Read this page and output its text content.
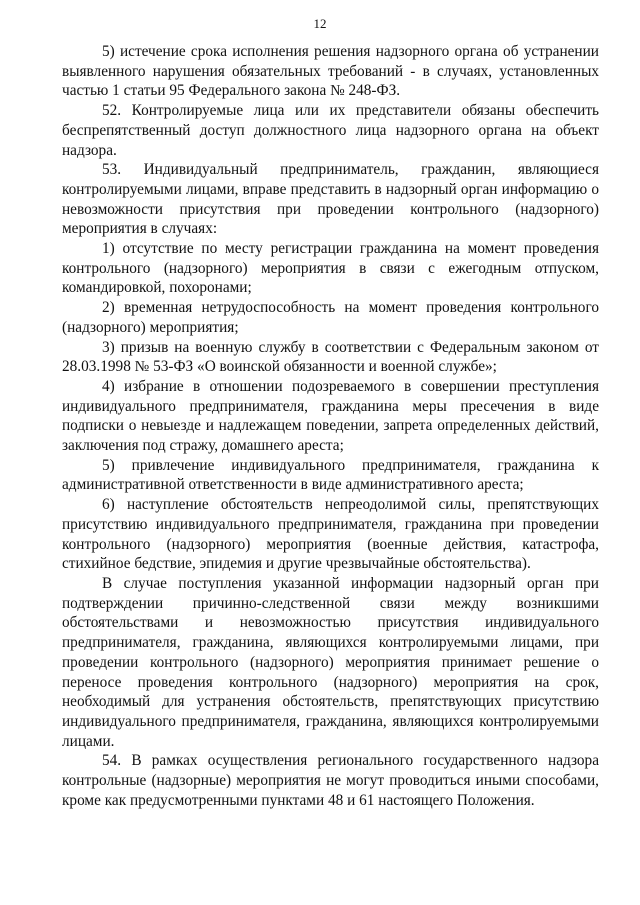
12

5) истечение срока исполнения решения надзорного органа об устранении выявленного нарушения обязательных требований - в случаях, установленных частью 1 статьи 95 Федерального закона № 248-ФЗ.

52. Контролируемые лица или их представители обязаны обеспечить беспрепятственный доступ должностного лица надзорного органа на объект надзора.

53. Индивидуальный предприниматель, гражданин, являющиеся контролируемыми лицами, вправе представить в надзорный орган информацию о невозможности присутствия при проведении контрольного (надзорного) мероприятия в случаях:

1) отсутствие по месту регистрации гражданина на момент проведения контрольного (надзорного) мероприятия в связи с ежегодным отпуском, командировкой, похоронами;

2) временная нетрудоспособность на момент проведения контрольного (надзорного) мероприятия;

3) призыв на военную службу в соответствии с Федеральным законом от 28.03.1998 № 53-ФЗ «О воинской обязанности и военной службе»;

4) избрание в отношении подозреваемого в совершении преступления индивидуального предпринимателя, гражданина меры пресечения в виде подписки о невыезде и надлежащем поведении, запрета определенных действий, заключения под стражу, домашнего ареста;

5) привлечение индивидуального предпринимателя, гражданина к административной ответственности в виде административного ареста;

6) наступление обстоятельств непреодолимой силы, препятствующих присутствию индивидуального предпринимателя, гражданина при проведении контрольного (надзорного) мероприятия (военные действия, катастрофа, стихийное бедствие, эпидемия и другие чрезвычайные обстоятельства).

В случае поступления указанной информации надзорный орган при подтверждении причинно-следственной связи между возникшими обстоятельствами и невозможностью присутствия индивидуального предпринимателя, гражданина, являющихся контролируемыми лицами, при проведении контрольного (надзорного) мероприятия принимает решение о переносе проведения контрольного (надзорного) мероприятия на срок, необходимый для устранения обстоятельств, препятствующих присутствию индивидуального предпринимателя, гражданина, являющихся контролируемыми лицами.

54. В рамках осуществления регионального государственного надзора контрольные (надзорные) мероприятия не могут проводиться иными способами, кроме как предусмотренными пунктами 48 и 61 настоящего Положения.
